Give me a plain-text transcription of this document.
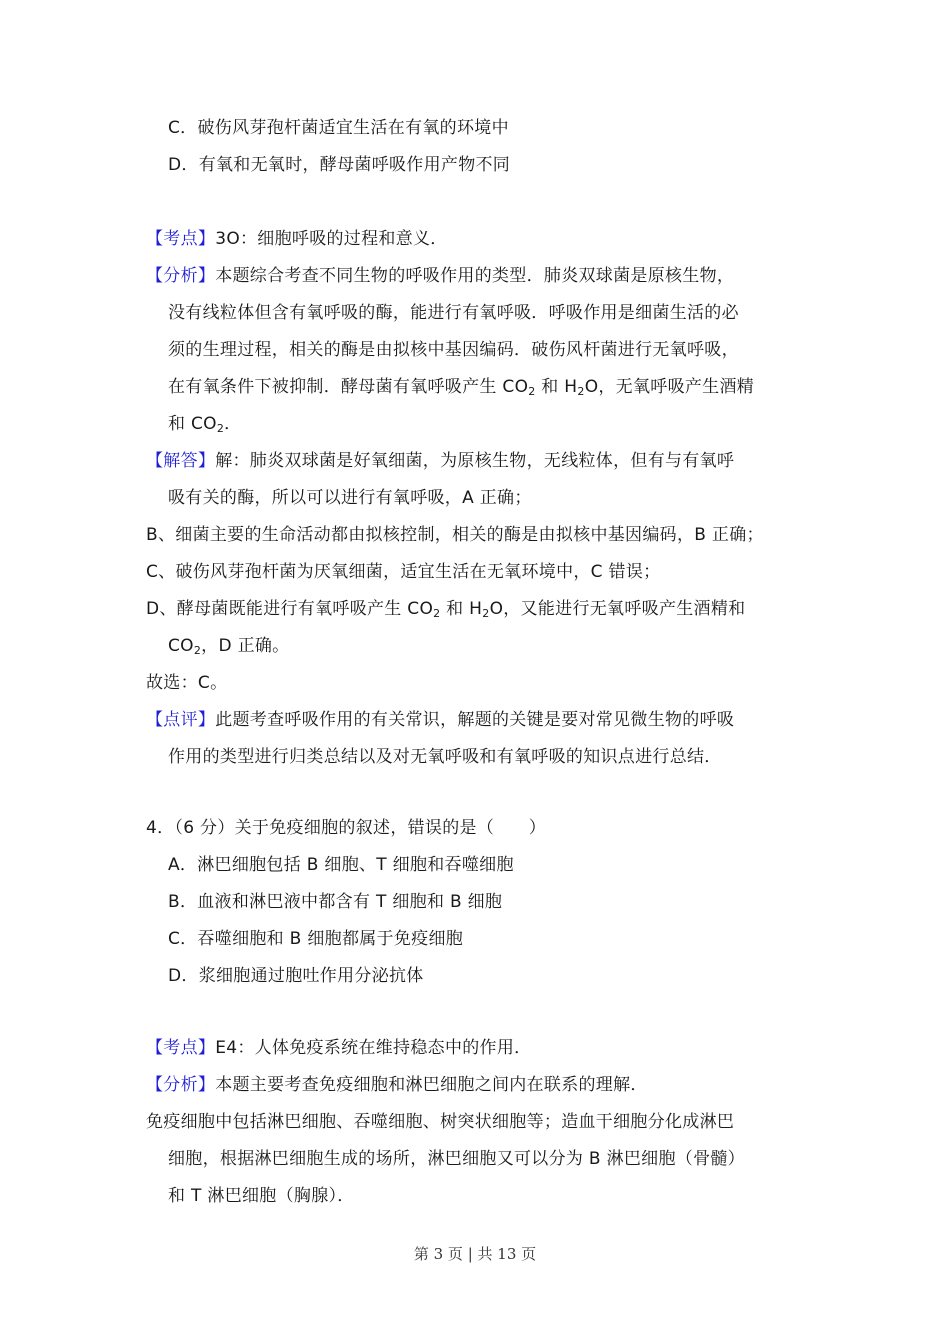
C．破伤风芽孢杆菌适宜生活在有氧的环境中
D．有氧和无氧时，酵母菌呼吸作用产物不同
【考点】3O：细胞呼吸的过程和意义．
【分析】本题综合考查不同生物的呼吸作用的类型．肺炎双球菌是原核生物，
没有线粒体但含有氧呼吸的酶，能进行有氧呼吸．呼吸作用是细菌生活的必
须的生理过程，相关的酶是由拟核中基因编码．破伤风杆菌进行无氧呼吸，
在有氧条件下被抑制．酵母菌有氧呼吸产生 $CO_2$ 和 $H_2O$，无氧呼吸产生酒精
和 $CO_2$．
【解答】解：肺炎双球菌是好氧细菌，为原核生物，无线粒体，但有与有氧呼
吸有关的酶，所以可以进行有氧呼吸，A 正确；
B、细菌主要的生命活动都由拟核控制，相关的酶是由拟核中基因编码，B 正确；
C、破伤风芽孢杆菌为厌氧细菌，适宜生活在无氧环境中，C 错误；
D、酵母菌既能进行有氧呼吸产生 $CO_2$ 和 $H_2O$，又能进行无氧呼吸产生酒精和
$CO_2$，D 正确。
故选：C。
【点评】此题考查呼吸作用的有关常识，解题的关键是要对常见微生物的呼吸
作用的类型进行归类总结以及对无氧呼吸和有氧呼吸的知识点进行总结．
4．（6 分）关于免疫细胞的叙述，错误的是（　　）
A．淋巴细胞包括 B 细胞、T 细胞和吞噬细胞
B．血液和淋巴液中都含有 T 细胞和 B 细胞
C．吞噬细胞和 B 细胞都属于免疫细胞
D．浆细胞通过胞吐作用分泌抗体
【考点】E4：人体免疫系统在维持稳态中的作用．
【分析】本题主要考查免疫细胞和淋巴细胞之间内在联系的理解．
免疫细胞中包括淋巴细胞、吞噬细胞、树突状细胞等；造血干细胞分化成淋巴
细胞，根据淋巴细胞生成的场所，淋巴细胞又可以分为 B 淋巴细胞（骨髓）
和 T 淋巴细胞（胸腺）．
第 3 页 | 共 13 页
